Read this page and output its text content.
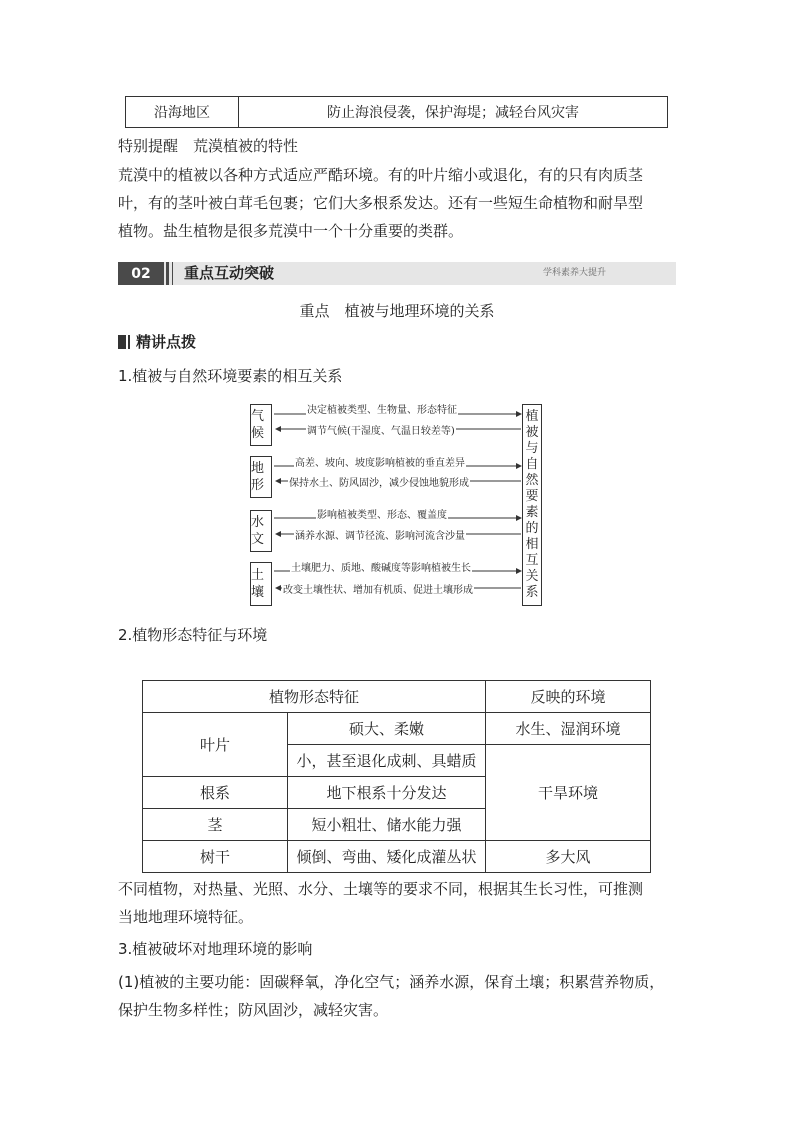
沿海地区	防止海浪侵袭，保护海堤；减轻台风灾害
特别提醒　荒漠植被的特性
荒漠中的植被以各种方式适应严酷环境。有的叶片缩小或退化，有的只有肉质茎
叶，有的茎叶被白茸毛包裹；它们大多根系发达。还有一些短生命植物和耐旱型
植物。盐生植物是很多荒漠中一个十分重要的类群。
02	重点互动突破	学科素养大提升
重点　植被与地理环境的关系
精讲点拨
1.植被与自然环境要素的相互关系
气候
地形
水文
土壤
植被与自然要素的相互关系
决定植被类型、生物量、形态特征
调节气候(干湿度、气温日较差等)
高差、坡向、坡度影响植被的垂直差异
保持水土、防风固沙，减少侵蚀地貌形成
影响植被类型、形态、覆盖度
涵养水源、调节径流、影响河流含沙量
土壤肥力、质地、酸碱度等影响植被生长
改变土壤性状、增加有机质、促进土壤形成
2.植物形态特征与环境
植物形态特征		反映的环境
叶片	硕大、柔嫩	水生、湿润环境
	小，甚至退化成刺、具蜡质	干旱环境
根系	地下根系十分发达	
茎	短小粗壮、储水能力强	
树干	倾倒、弯曲、矮化成灌丛状	多大风
不同植物，对热量、光照、水分、土壤等的要求不同，根据其生长习性，可推测
当地地理环境特征。
3.植被破坏对地理环境的影响
(1)植被的主要功能：固碳释氧，净化空气；涵养水源，保育土壤；积累营养物质，
保护生物多样性；防风固沙，减轻灾害。
